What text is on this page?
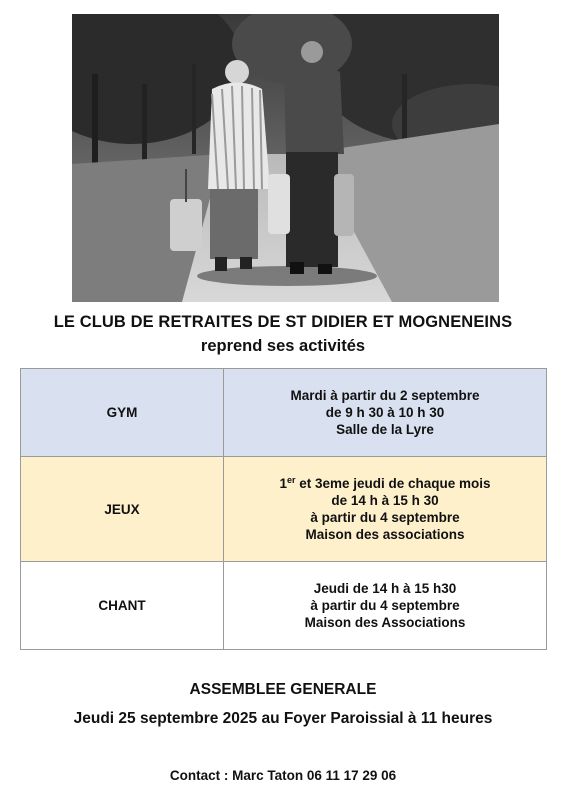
LE CLUB DE RETRAITES DE ST DIDIER ET MOGNENEINS
reprend ses activités
GYM	Mardi à partir du 2 septembre
de 9 h 30 à 10 h 30
Salle de la Lyre

JEUX	1er et 3eme jeudi de chaque mois
de 14 h à 15 h 30
à partir du 4 septembre
Maison des associations

CHANT	Jeudi de 14 h à 15 h30
à partir du 4 septembre
Maison des Associations
ASSEMBLEE GENERALE
Jeudi 25 septembre 2025 au Foyer Paroissial à 11 heures
Contact : Marc Taton 06 11 17 29 06
